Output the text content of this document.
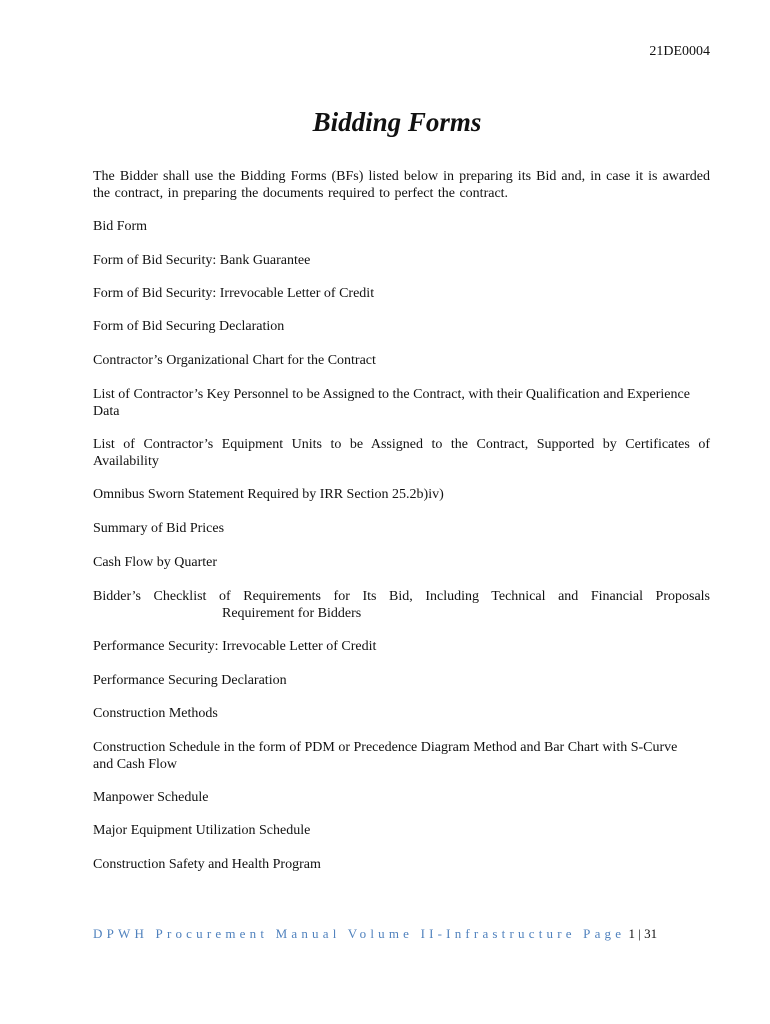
21DE0004
Bidding Forms

The Bidder shall use the Bidding Forms (BFs) listed below in preparing its Bid and, in case it is awarded the contract, in preparing the documents required to perfect the contract.

Bid Form
Form of Bid Security: Bank Guarantee
Form of Bid Security: Irrevocable Letter of Credit
Form of Bid Securing Declaration
Contractor’s Organizational Chart for the Contract
List of Contractor’s Key Personnel to be Assigned to the Contract, with their Qualification and Experience Data
List of Contractor’s Equipment Units to be Assigned to the Contract, Supported by Certificates of Availability
Omnibus Sworn Statement Required by IRR Section 25.2b)iv)
Summary of Bid Prices
Cash Flow by Quarter
Bidder’s Checklist of Requirements for Its Bid, Including Technical and Financial Proposals
Requirement for Bidders
Performance Security: Irrevocable Letter of Credit
Performance Securing Declaration
Construction Methods
Construction Schedule in the form of PDM or Precedence Diagram Method and Bar Chart with S-Curve and Cash Flow
Manpower Schedule
Major Equipment Utilization Schedule
Construction Safety and Health Program
DPWH Procurement Manual Volume II-Infrastructure Page 1 | 31
